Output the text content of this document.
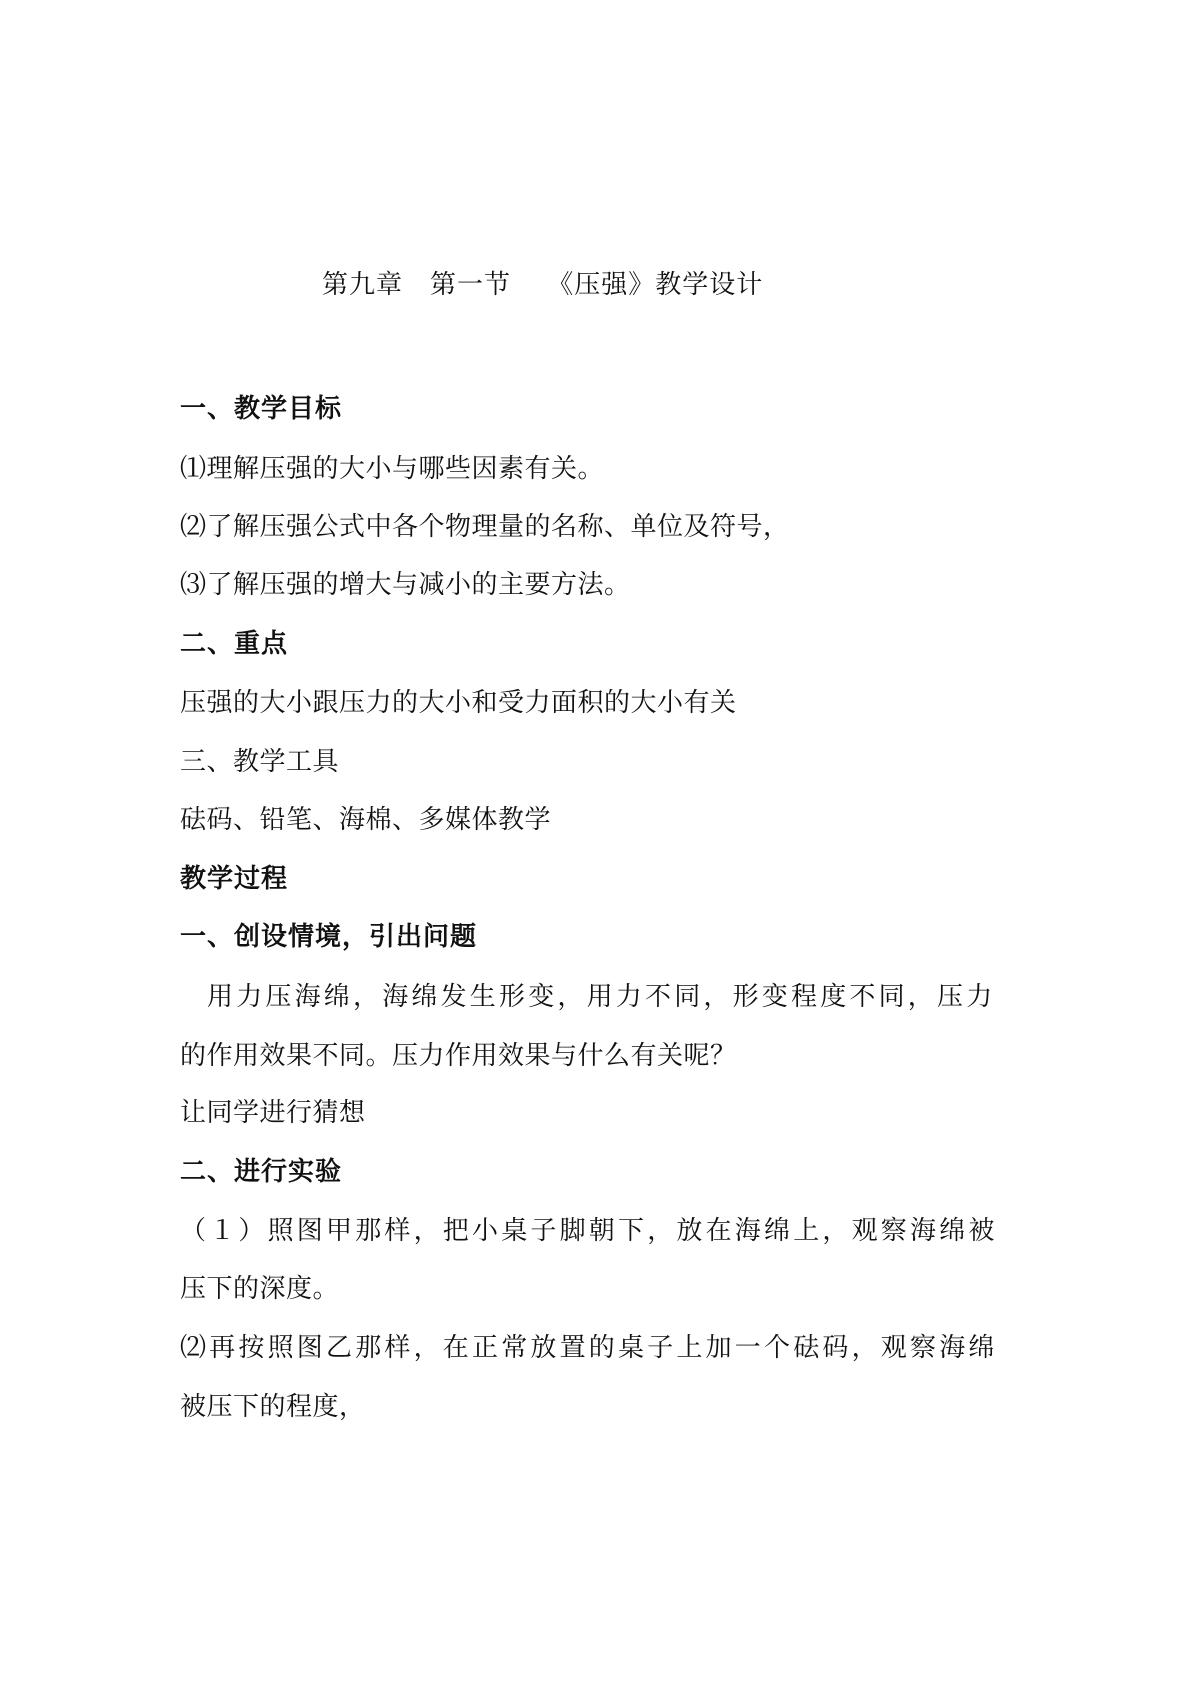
第九章　第一节　 《压强》教学设计
一、教学目标
⑴理解压强的大小与哪些因素有关。
⑵了解压强公式中各个物理量的名称、单位及符号，
⑶了解压强的增大与减小的主要方法。
二、重点
压强的大小跟压力的大小和受力面积的大小有关
三、教学工具
砝码、铅笔、海棉、多媒体教学
教学过程
一、创设情境，引出问题
用力压海绵，海绵发生形变，用力不同，形变程度不同，压力
的作用效果不同。压力作用效果与什么有关呢？
让同学进行猜想
二、进行实验
（１）照图甲那样，把小桌子脚朝下，放在海绵上，观察海绵被
压下的深度。
⑵再按照图乙那样，在正常放置的桌子上加一个砝码，观察海绵
被压下的程度，
